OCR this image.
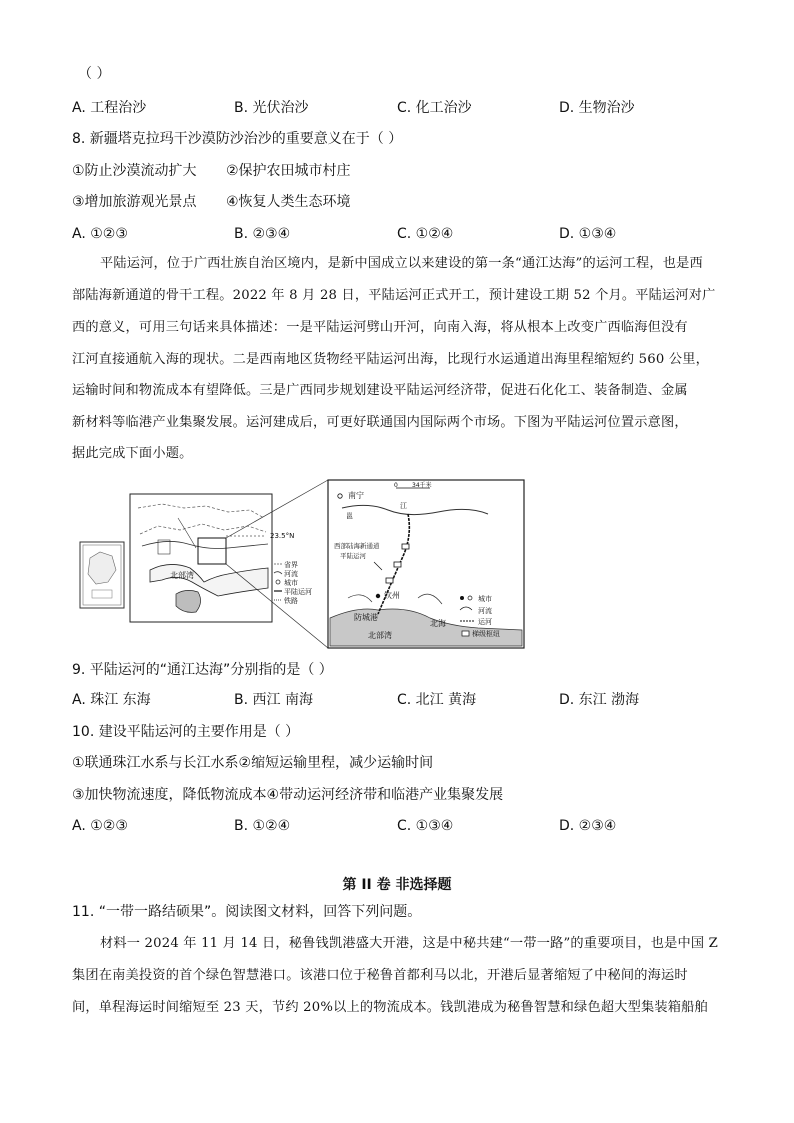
（ ）
A. 工程治沙	B. 光伏治沙	C. 化工治沙	D. 生物治沙
8. 新疆塔克拉玛干沙漠防沙治沙的重要意义在于（ ）
①防止沙漠流动扩大 ②保护农田城市村庄
③增加旅游观光景点 ④恢复人类生态环境
A. ①②③	B. ②③④	C. ①②④	D. ①③④
平陆运河，位于广西壮族自治区境内，是新中国成立以来建设的第一条“通江达海”的运河工程，也是西
部陆海新通道的骨干工程。2022 年 8 月 28 日，平陆运河正式开工，预计建设工期 52 个月。平陆运河对广
西的意义，可用三句话来具体描述：一是平陆运河劈山开河，向南入海，将从根本上改变广西临海但没有
江河直接通航入海的现状。二是西南地区货物经平陆运河出海，比现行水运通道出海里程缩短约 560 公里，
运输时间和物流成本有望降低。三是广西同步规划建设平陆运河经济带，促进石化化工、装备制造、金属
新材料等临港产业集聚发展。运河建成后，可更好联通国内国际两个市场。下图为平陆运河位置示意图，
据此完成下面小题。
23.5°N
北部湾
省界
河流
城市
平陆运河
铁路
南宁
邕
江
钦州
防城港
北海
北部湾
西部陆海新通道
平陆运河
0 34千米
城市
河流
运河
梯级枢纽
9. 平陆运河的“通江达海”分别指的是（ ）
A. 珠江 东海	B. 西江 南海	C. 北江 黄海	D. 东江 渤海
10. 建设平陆运河的主要作用是（ ）
①联通珠江水系与长江水系②缩短运输里程，减少运输时间
③加快物流速度，降低物流成本④带动运河经济带和临港产业集聚发展
A. ①②③	B. ①②④	C. ①③④	D. ②③④
第 II 卷 非选择题
11. “一带一路结硕果”。阅读图文材料，回答下列问题。
材料一 2024 年 11 月 14 日，秘鲁钱凯港盛大开港，这是中秘共建“一带一路”的重要项目，也是中国 Z
集团在南美投资的首个绿色智慧港口。该港口位于秘鲁首都利马以北，开港后显著缩短了中秘间的海运时
间，单程海运时间缩短至 23 天，节约 20%以上的物流成本。钱凯港成为秘鲁智慧和绿色超大型集装箱船舶
